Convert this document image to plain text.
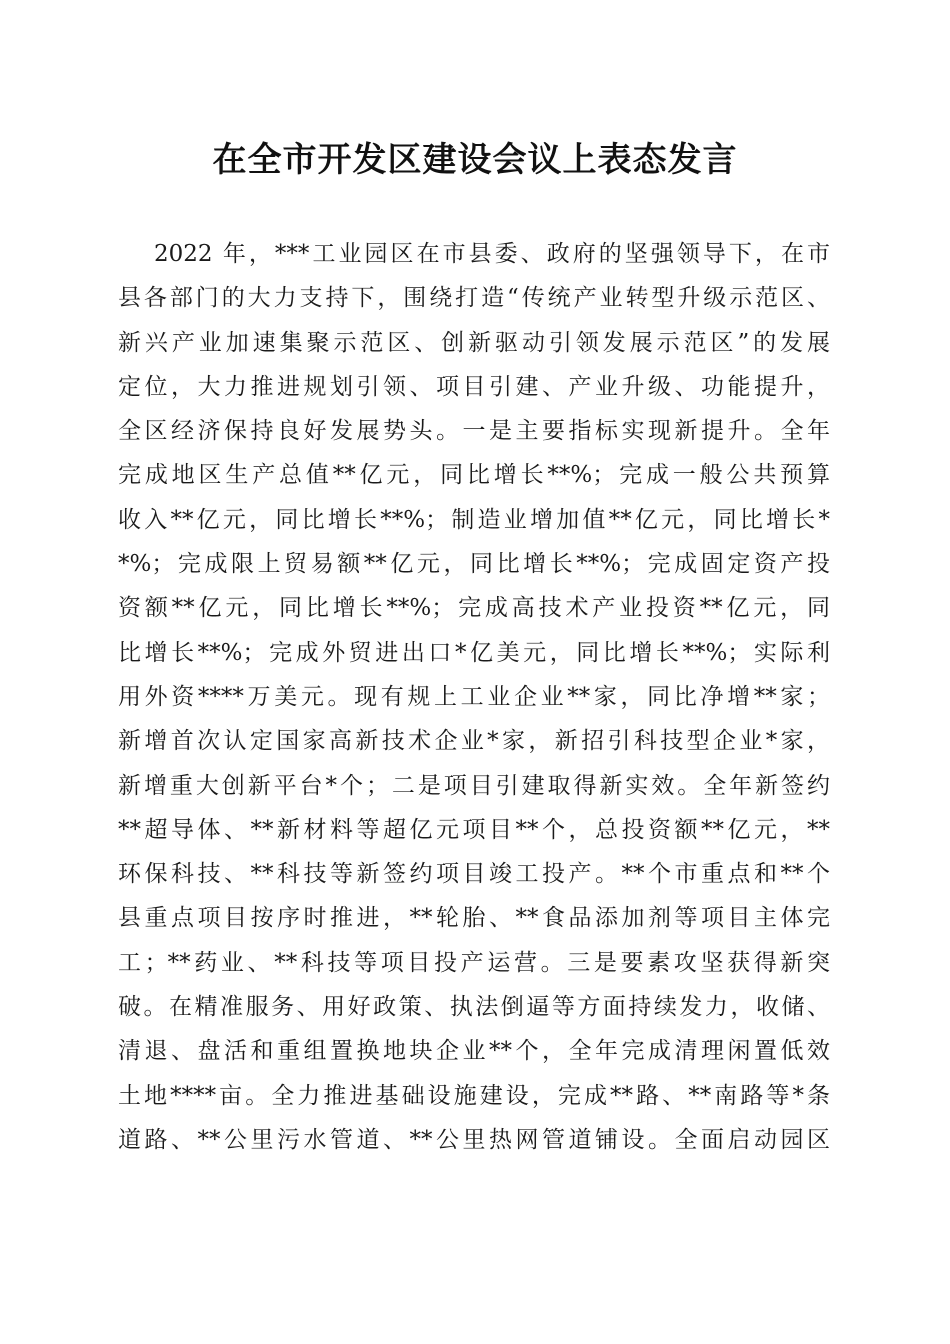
在全市开发区建设会议上表态发言
2022 年，***工业园区在市县委、政府的坚强领导下，在市
县各部门的大力支持下，围绕打造“传统产业转型升级示范区、
新兴产业加速集聚示范区、创新驱动引领发展示范区”的发展
定位，大力推进规划引领、项目引建、产业升级、功能提升，
全区经济保持良好发展势头。一是主要指标实现新提升。全年
完成地区生产总值**亿元，同比增长**%；完成一般公共预算
收入**亿元，同比增长**%；制造业增加值**亿元，同比增长*
*%；完成限上贸易额**亿元，同比增长**%；完成固定资产投
资额**亿元，同比增长**%；完成高技术产业投资**亿元，同
比增长**%；完成外贸进出口*亿美元，同比增长**%；实际利
用外资****万美元。现有规上工业企业**家，同比净增**家；
新增首次认定国家高新技术企业*家，新招引科技型企业*家，
新增重大创新平台*个；二是项目引建取得新实效。全年新签约
**超导体、**新材料等超亿元项目**个，总投资额**亿元，**
环保科技、**科技等新签约项目竣工投产。**个市重点和**个
县重点项目按序时推进，**轮胎、**食品添加剂等项目主体完
工；**药业、**科技等项目投产运营。三是要素攻坚获得新突
破。在精准服务、用好政策、执法倒逼等方面持续发力，收储、
清退、盘活和重组置换地块企业**个，全年完成清理闲置低效
土地****亩。全力推进基础设施建设，完成**路、**南路等*条
道路、**公里污水管道、**公里热网管道铺设。全面启动园区
